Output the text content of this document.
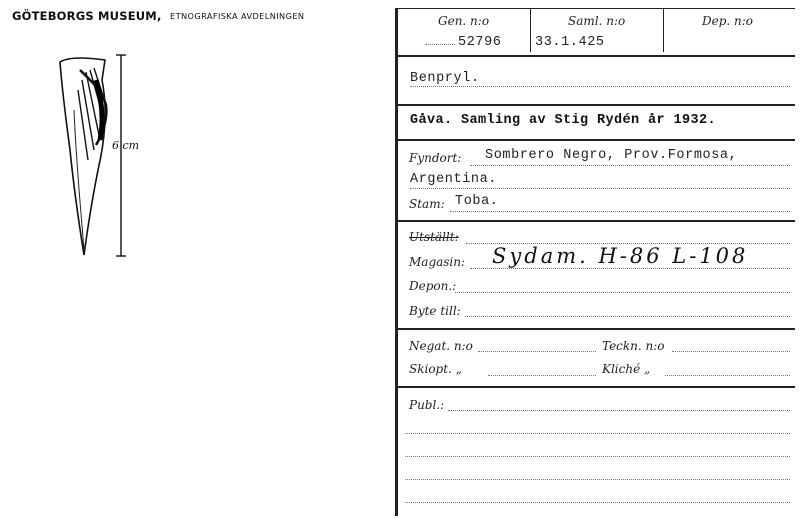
GÖTEBORGS MUSEUM, ETNOGRAFISKA AVDELNINGEN
6 cm
Gen. n:o	Saml. n:o	Dep. n:o
52796 33.1.425
Benpryl.
Gåva. Samling av Stig Rydén år 1932.
Fyndort: Sombrero Negro, Prov.Formosa,
Argentina.
Stam: Toba.
Utställt:
Magasin: Sydam. H-86 L-108
Depon.:
Byte till:
Negat. n:o	Teckn. n:o
Skiopt. „	Kliché „
Publ.:
